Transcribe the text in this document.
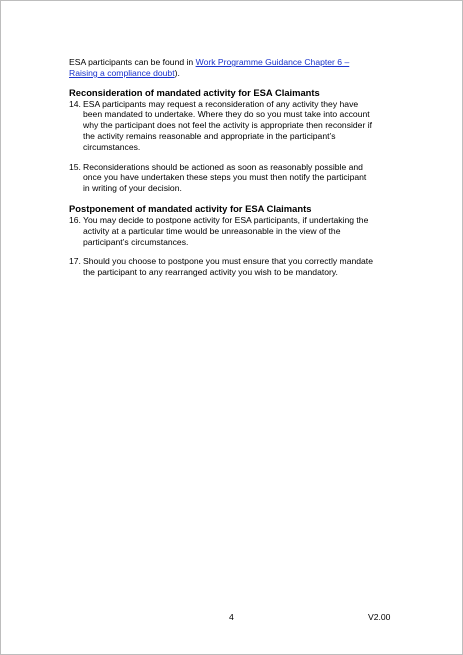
ESA participants can be found in Work Programme Guidance Chapter 6 – Raising a compliance doubt).

Reconsideration of mandated activity for ESA Claimants
14. ESA participants may request a reconsideration of any activity they have been mandated to undertake. Where they do so you must take into account why the participant does not feel the activity is appropriate then reconsider if the activity remains reasonable and appropriate in the participant’s circumstances.
15. Reconsiderations should be actioned as soon as reasonably possible and once you have undertaken these steps you must then notify the participant in writing of your decision.
Postponement of mandated activity for ESA Claimants
16. You may decide to postpone activity for ESA participants, if undertaking the activity at a particular time would be unreasonable in the view of the participant’s circumstances.
17. Should you choose to postpone you must ensure that you correctly mandate the participant to any rearranged activity you wish to be mandatory.
4	V2.00
